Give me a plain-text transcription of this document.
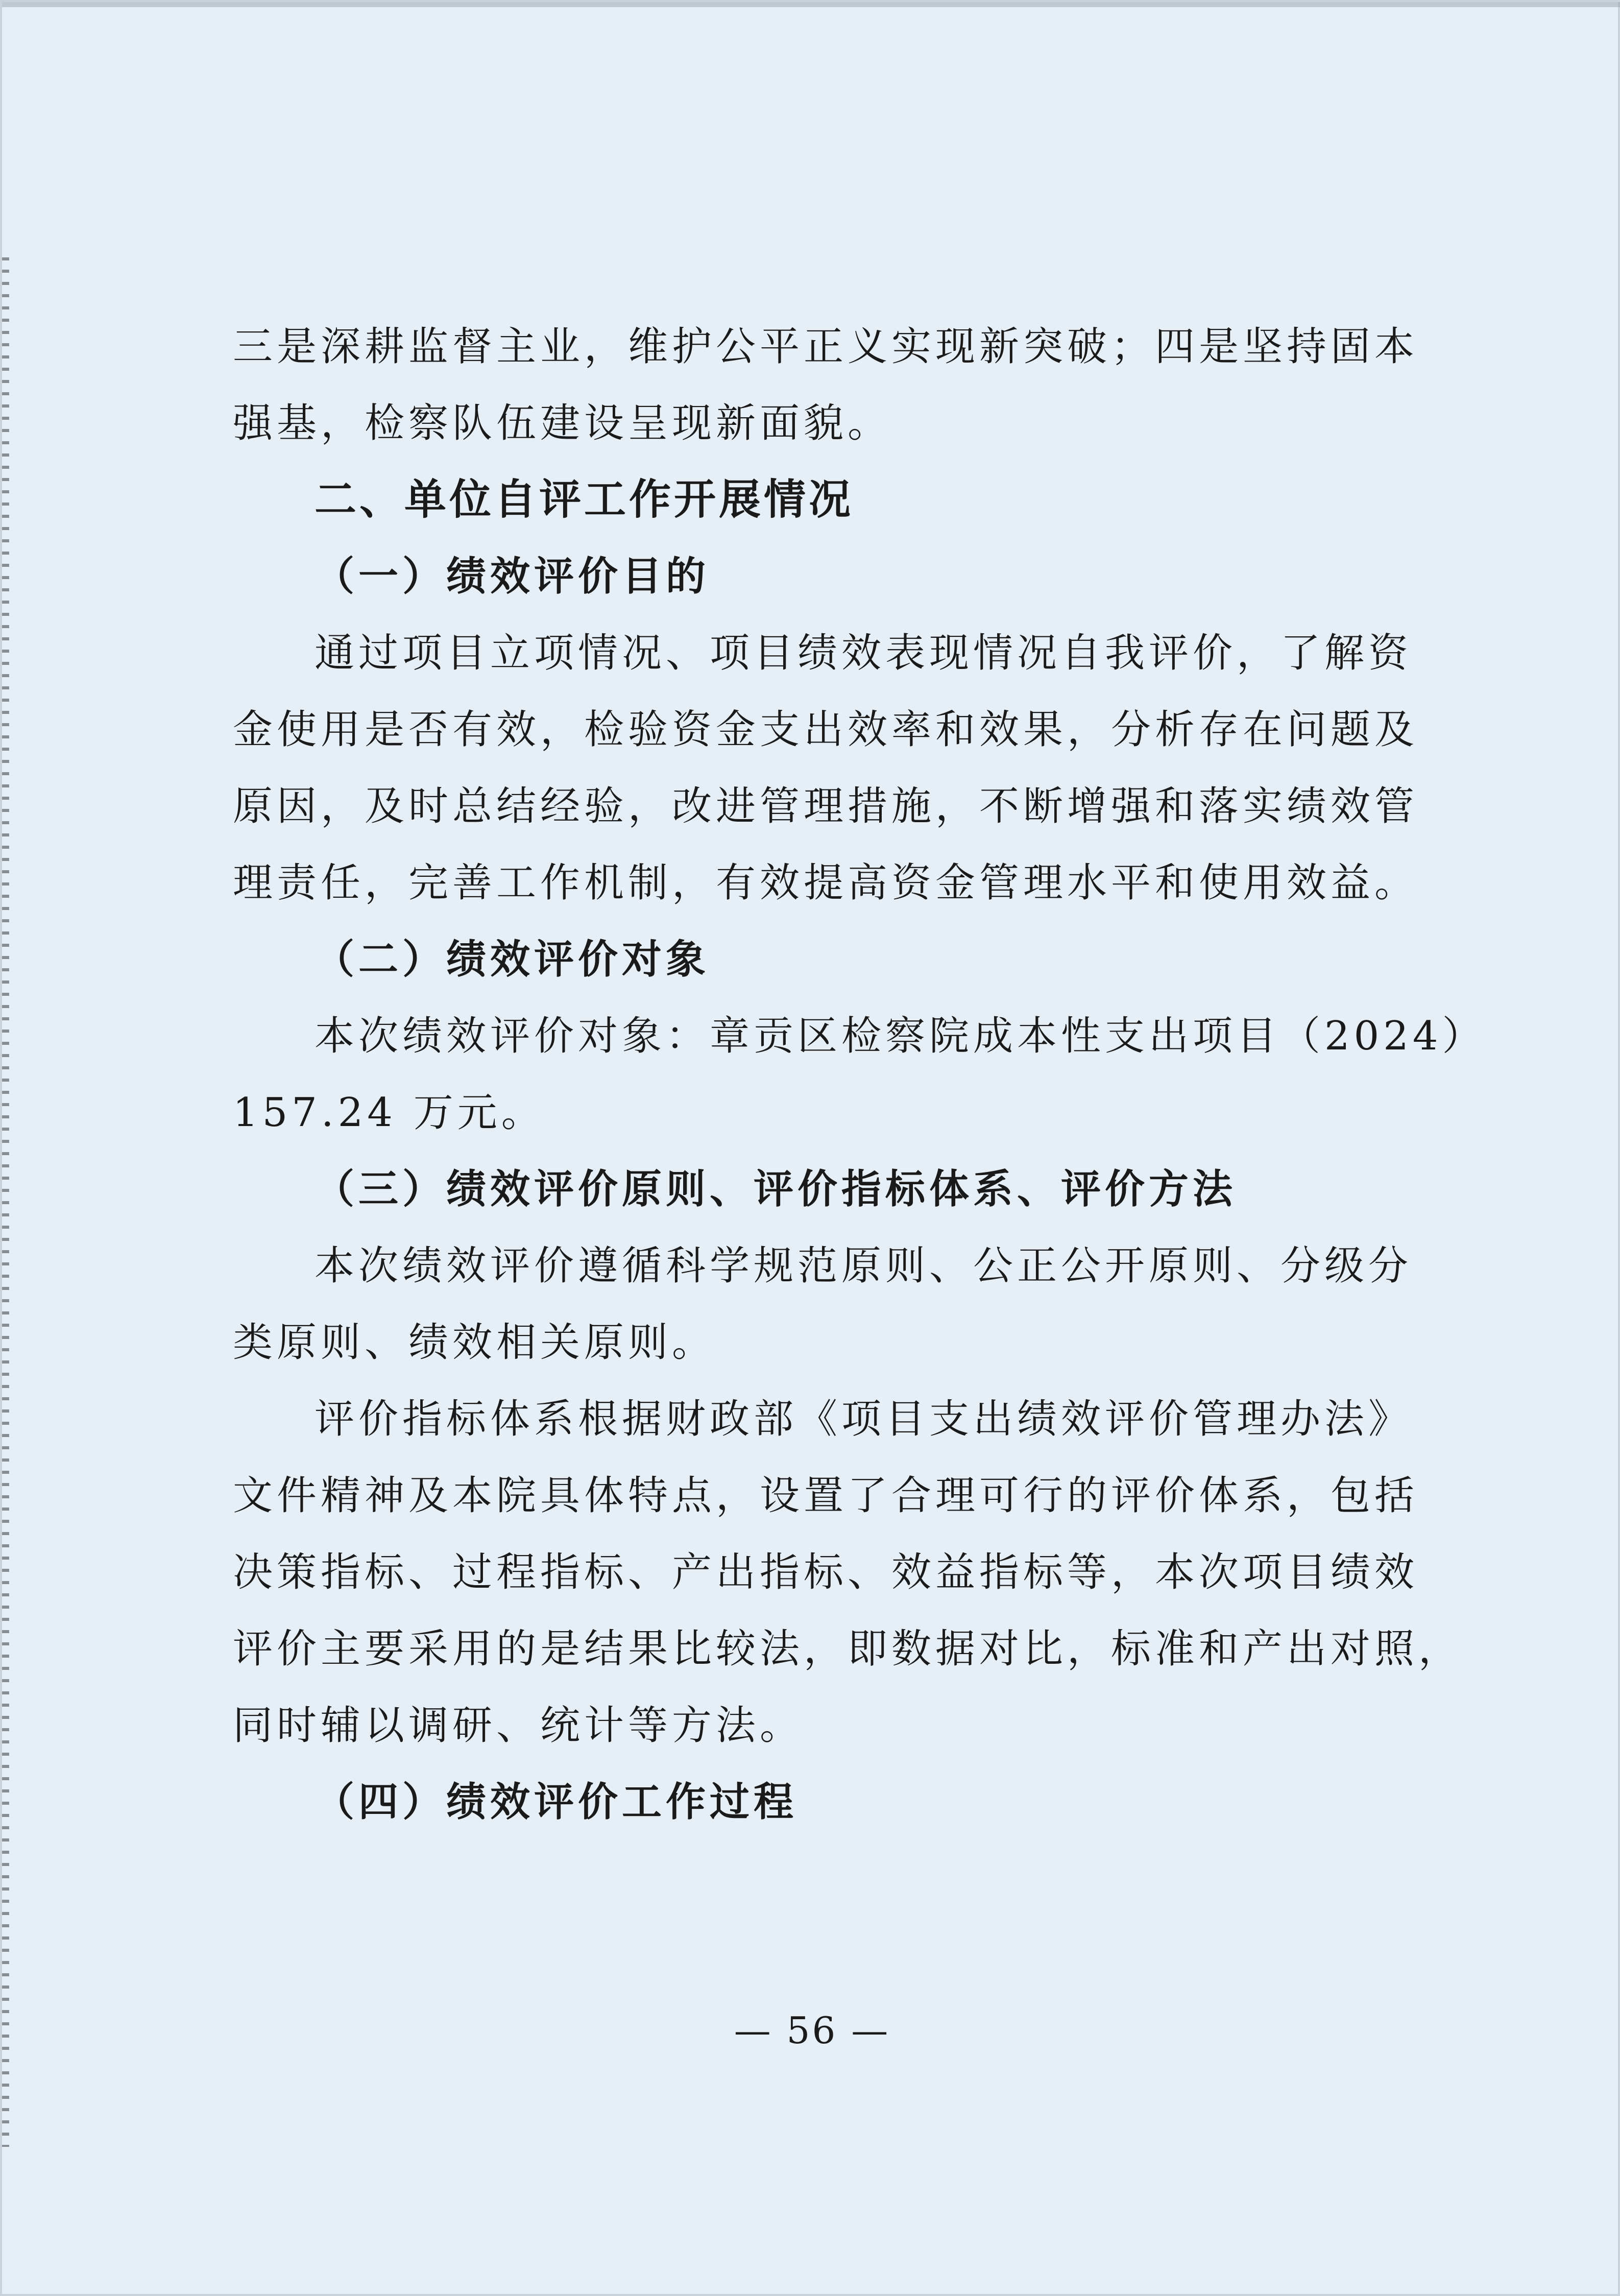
三是深耕监督主业，维护公平正义实现新突破；四是坚持固本
强基，检察队伍建设呈现新面貌。
二、单位自评工作开展情况
（一）绩效评价目的
通过项目立项情况、项目绩效表现情况自我评价，了解资
金使用是否有效，检验资金支出效率和效果，分析存在问题及
原因，及时总结经验，改进管理措施，不断增强和落实绩效管
理责任，完善工作机制，有效提高资金管理水平和使用效益。
（二）绩效评价对象
本次绩效评价对象：章贡区检察院成本性支出项目（2024）
157.24 万元。
（三）绩效评价原则、评价指标体系、评价方法
本次绩效评价遵循科学规范原则、公正公开原则、分级分
类原则、绩效相关原则。
评价指标体系根据财政部《项目支出绩效评价管理办法》
文件精神及本院具体特点，设置了合理可行的评价体系，包括
决策指标、过程指标、产出指标、效益指标等，本次项目绩效
评价主要采用的是结果比较法，即数据对比，标准和产出对照，
同时辅以调研、统计等方法。
（四）绩效评价工作过程
— 56 —
